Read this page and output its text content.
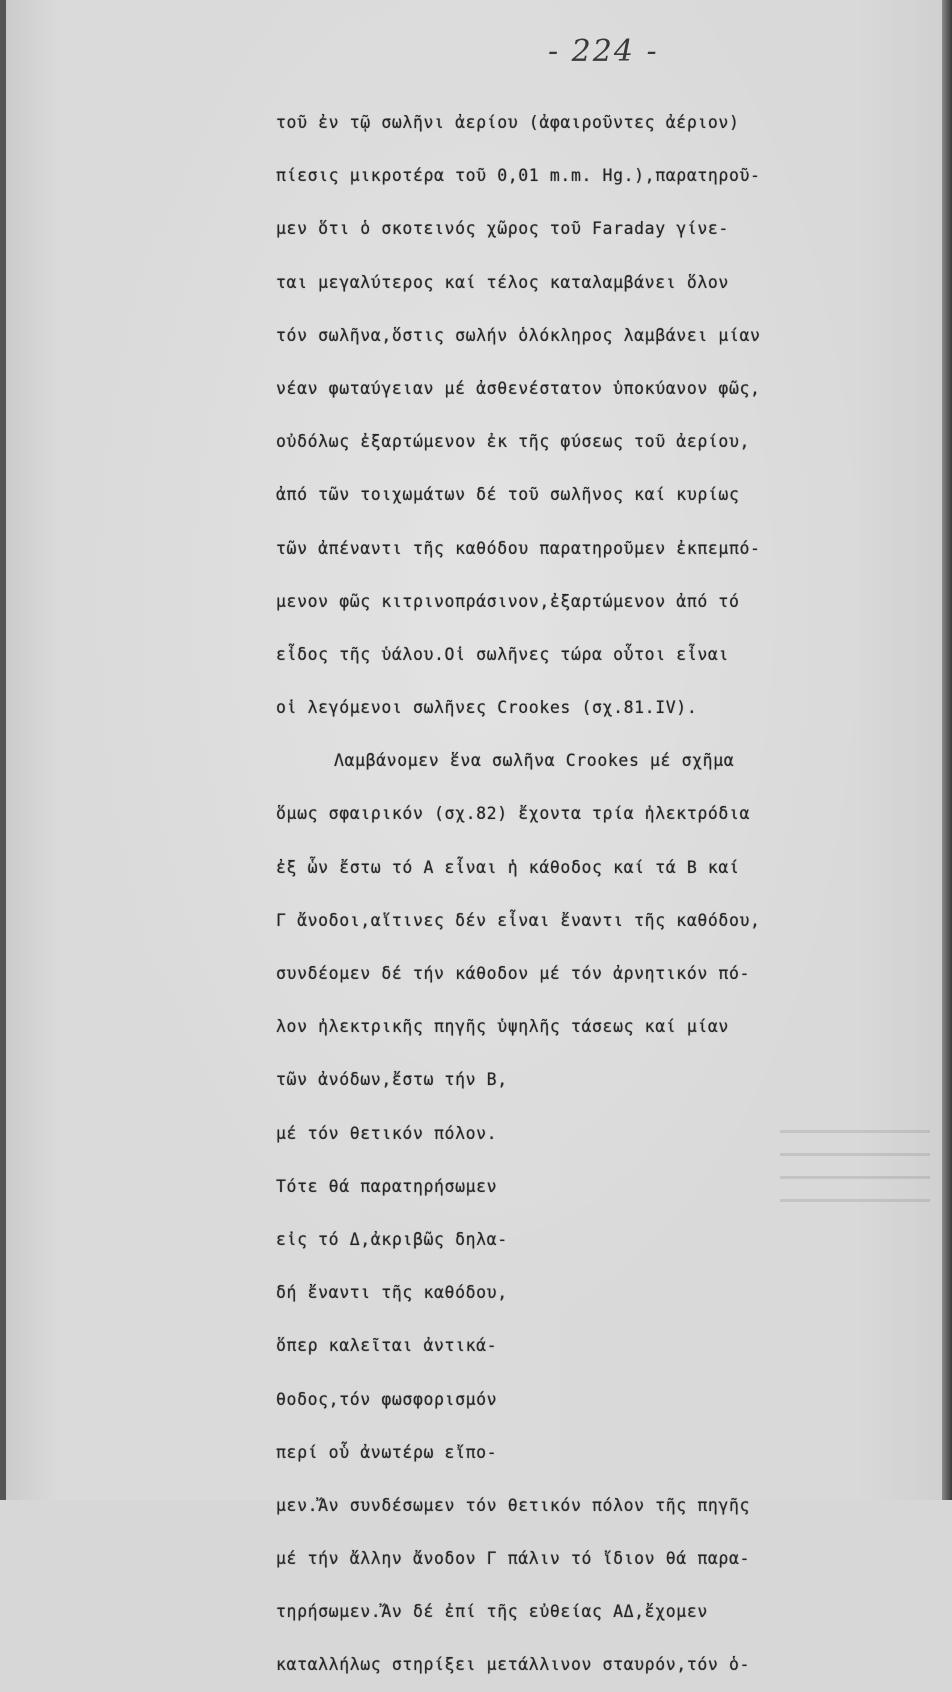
- 224 -
τοῦ ἐν τῷ σωλῆνι ἀερίου (ἀφαιροῦντες ἀέριον)
πίεσις μικροτέρα τοῦ 0,01 m.m. Hg.),παρατηροῦ-
μεν ὅτι ὁ σκοτεινός χῶρος τοῦ Faraday γίνε-
ται μεγαλύτερος καί τέλος καταλαμβάνει ὅλον
τόν σωλῆνα,ὅστις σωλήν ὁλόκληρος λαμβάνει μίαν
νέαν φωταύγειαν μέ ἀσθενέστατον ὑποκύανον φῶς,
οὐδόλως ἐξαρτώμενον ἐκ τῆς φύσεως τοῦ ἀερίου,
ἀπό τῶν τοιχωμάτων δέ τοῦ σωλῆνος καί κυρίως
τῶν ἀπέναντι τῆς καθόδου παρατηροῦμεν ἐκπεμπό-
μενον φῶς κιτρινοπράσινον,ἐξαρτώμενον ἀπό τό
εἶδος τῆς ὑάλου.Οἱ σωλῆνες τώρα οὗτοι εἶναι
οἱ λεγόμενοι σωλῆνες Crookes (σχ.81.IV).
Λαμβάνομεν ἕνα σωλῆνα Crookes μέ σχῆμα
ὅμως σφαιρικόν (σχ.82) ἔχοντα τρία ἠλεκτρόδια
ἐξ ὧν ἔστω τό Α εἶναι ἡ κάθοδος καί τά Β καί
Γ ἄνοδοι,αἵτινες δέν εἶναι ἔναντι τῆς καθόδου,
συνδέομεν δέ τήν κάθοδον μέ τόν ἀρνητικόν πό-
λον ἠλεκτρικῆς πηγῆς ὑψηλῆς τάσεως καί μίαν
τῶν ἀνόδων,ἔστω τήν Β,
μέ τόν θετικόν πόλον.
Τότε θά παρατηρήσωμεν
εἰς τό Δ,ἀκριβῶς δηλα-
δή ἔναντι τῆς καθόδου,
ὅπερ καλεῖται ἀντικά-
θοδος,τόν φωσφορισμόν
περί οὗ ἀνωτέρω εἴπο-
μεν.Ἄν συνδέσωμεν τόν θετικόν πόλον τῆς πηγῆς
μέ τήν ἄλλην ἄνοδον Γ πάλιν τό ἴδιον θά παρα-
τηρήσωμεν.Ἄν δέ ἐπί τῆς εὐθείας ΑΔ,ἔχομεν
καταλλήλως στηρίξει μετάλλινον σταυρόν,τόν ὁ-
